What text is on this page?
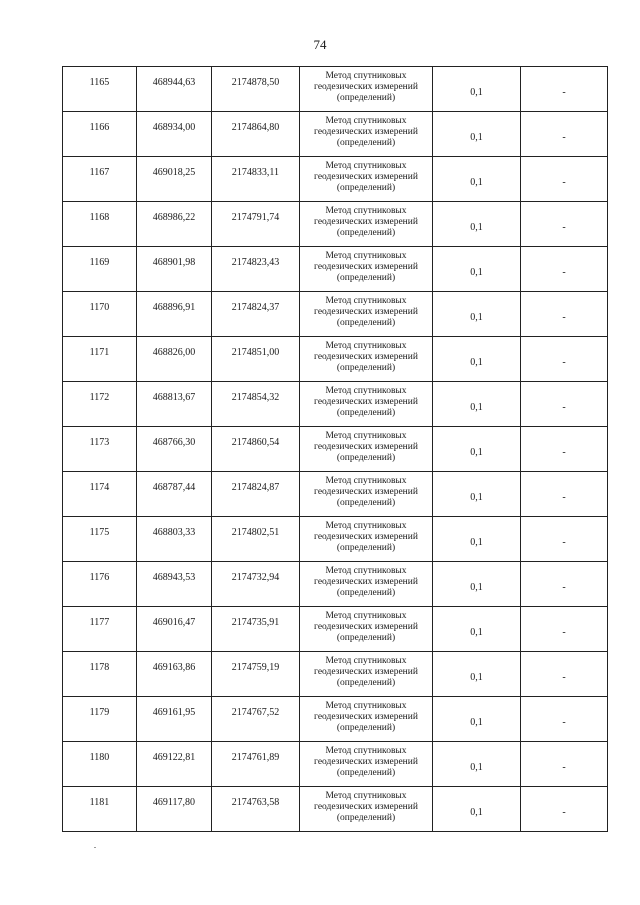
74
1165	468944,63	2174878,50	Метод спутниковых
геодезических измерений
(определений)	0,1	-

1166	468934,00	2174864,80	Метод спутниковых
геодезических измерений
(определений)	0,1	-

1167	469018,25	2174833,11	Метод спутниковых
геодезических измерений
(определений)	0,1	-

1168	468986,22	2174791,74	Метод спутниковых
геодезических измерений
(определений)	0,1	-

1169	468901,98	2174823,43	Метод спутниковых
геодезических измерений
(определений)	0,1	-

1170	468896,91	2174824,37	Метод спутниковых
геодезических измерений
(определений)	0,1	-

1171	468826,00	2174851,00	Метод спутниковых
геодезических измерений
(определений)	0,1	-

1172	468813,67	2174854,32	Метод спутниковых
геодезических измерений
(определений)	0,1	-

1173	468766,30	2174860,54	Метод спутниковых
геодезических измерений
(определений)	0,1	-

1174	468787,44	2174824,87	Метод спутниковых
геодезических измерений
(определений)	0,1	-

1175	468803,33	2174802,51	Метод спутниковых
геодезических измерений
(определений)	0,1	-

1176	468943,53	2174732,94	Метод спутниковых
геодезических измерений
(определений)	0,1	-

1177	469016,47	2174735,91	Метод спутниковых
геодезических измерений
(определений)	0,1	-

1178	469163,86	2174759,19	Метод спутниковых
геодезических измерений
(определений)	0,1	-

1179	469161,95	2174767,52	Метод спутниковых
геодезических измерений
(определений)	0,1	-

1180	469122,81	2174761,89	Метод спутниковых
геодезических измерений
(определений)	0,1	-

1181	469117,80	2174763,58	Метод спутниковых
геодезических измерений
(определений)	0,1	-
